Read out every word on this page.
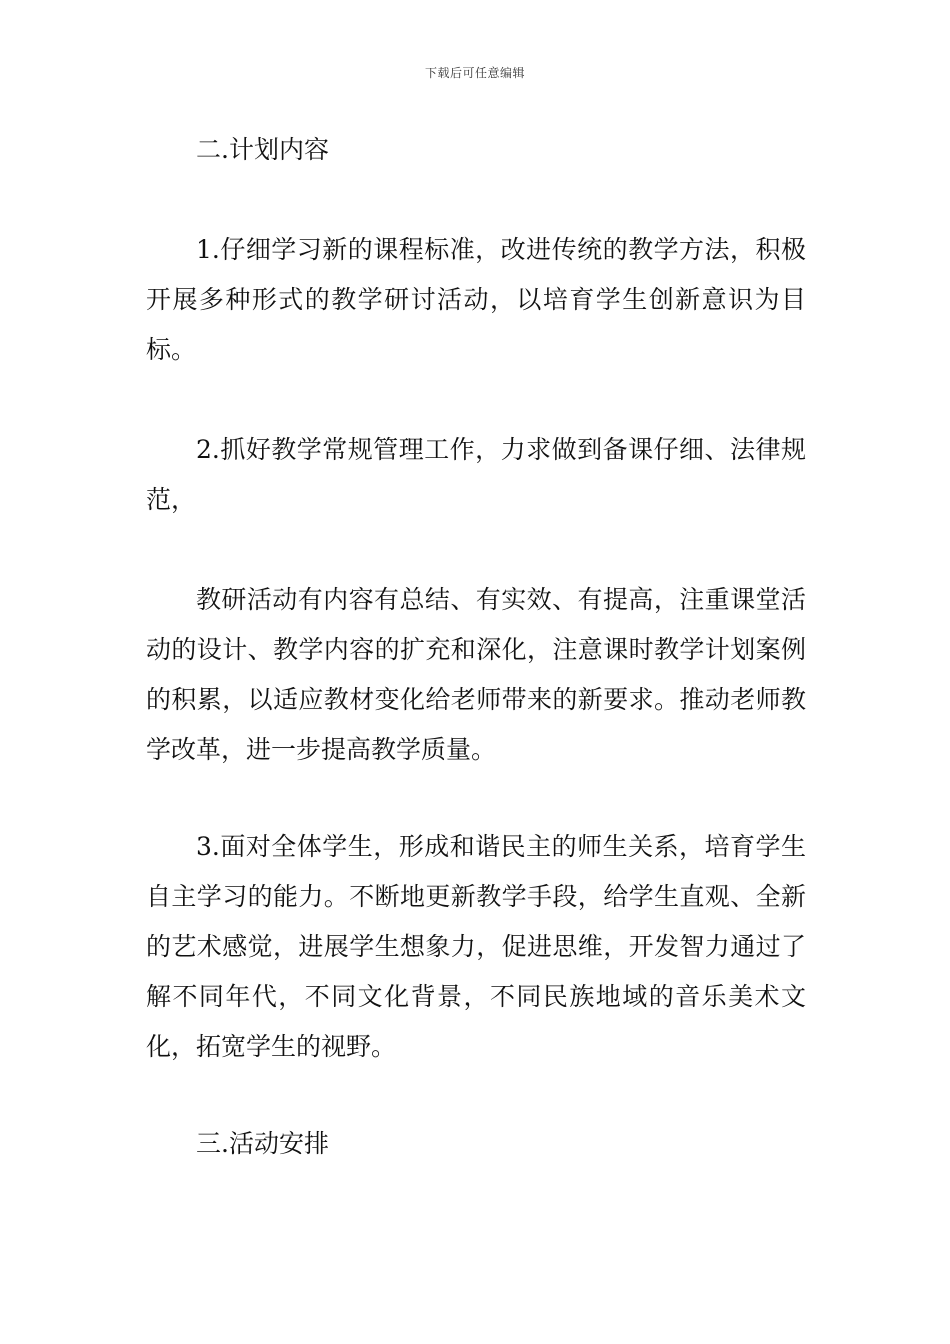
下载后可任意编辑

二.计划内容

1.仔细学习新的课程标准，改进传统的教学方法，积极开展多种形式的教学研讨活动，以培育学生创新意识为目标。

2.抓好教学常规管理工作，力求做到备课仔细、法律规范，

教研活动有内容有总结、有实效、有提高，注重课堂活动的设计、教学内容的扩充和深化，注意课时教学计划案例的积累，以适应教材变化给老师带来的新要求。推动老师教学改革，进一步提高教学质量。

3.面对全体学生，形成和谐民主的师生关系，培育学生自主学习的能力。不断地更新教学手段，给学生直观、全新的艺术感觉，进展学生想象力，促进思维，开发智力通过了解不同年代，不同文化背景，不同民族地域的音乐美术文化，拓宽学生的视野。

三.活动安排
